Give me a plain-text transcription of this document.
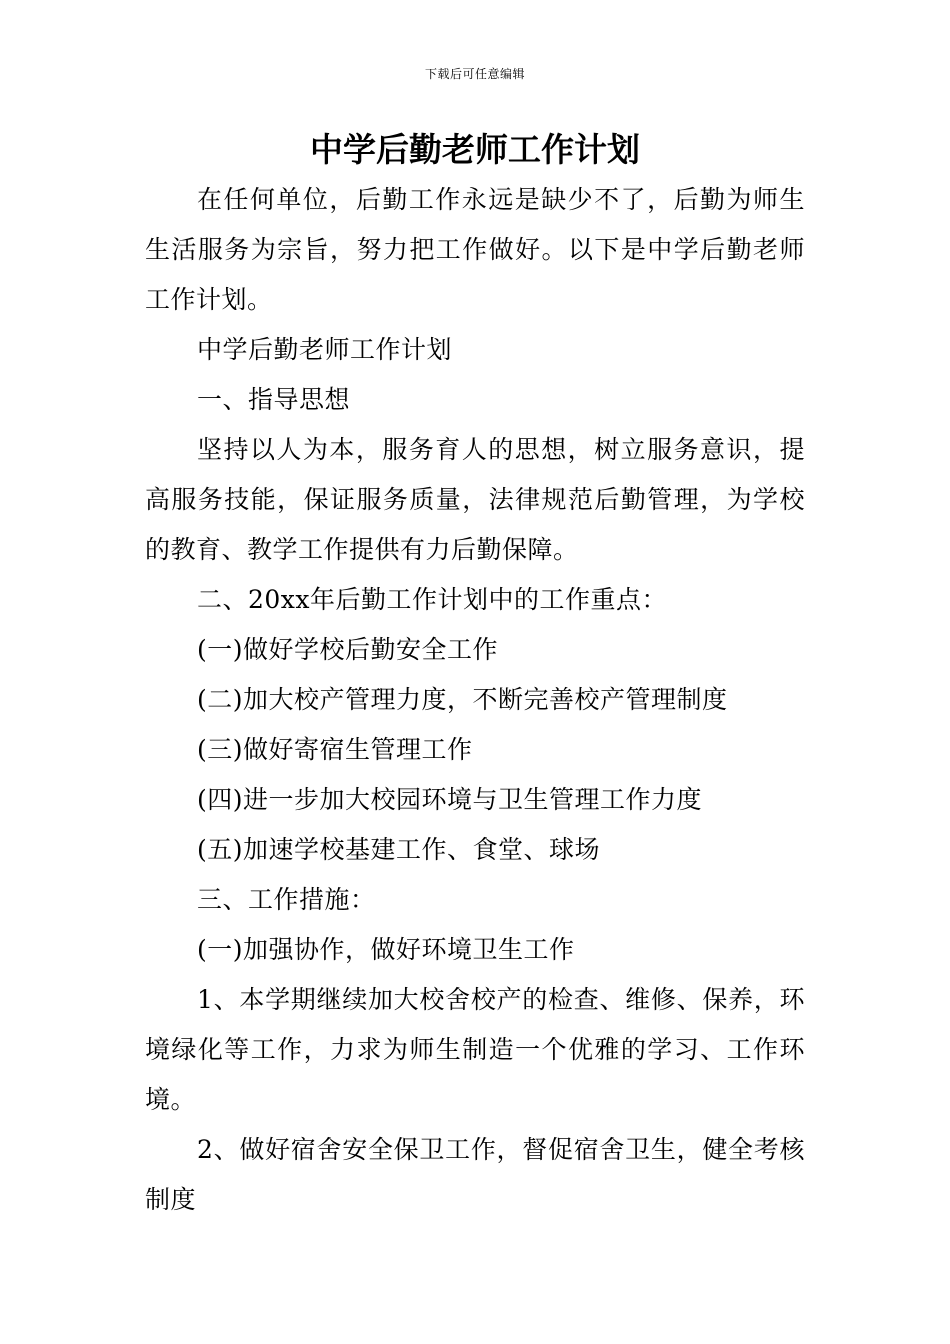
下载后可任意编辑
中学后勤老师工作计划

在任何单位，后勤工作永远是缺少不了，后勤为师生生活服务为宗旨，努力把工作做好。以下是中学后勤老师工作计划。

中学后勤老师工作计划

一、指导思想

坚持以人为本，服务育人的思想，树立服务意识，提高服务技能，保证服务质量，法律规范后勤管理，为学校的教育、教学工作提供有力后勤保障。

二、20xx年后勤工作计划中的工作重点：

(一)做好学校后勤安全工作

(二)加大校产管理力度，不断完善校产管理制度

(三)做好寄宿生管理工作

(四)进一步加大校园环境与卫生管理工作力度

(五)加速学校基建工作、食堂、球场

三、工作措施：

(一)加强协作，做好环境卫生工作

1、本学期继续加大校舍校产的检查、维修、保养，环境绿化等工作，力求为师生制造一个优雅的学习、工作环境。

2、做好宿舍安全保卫工作，督促宿舍卫生，健全考核制度
